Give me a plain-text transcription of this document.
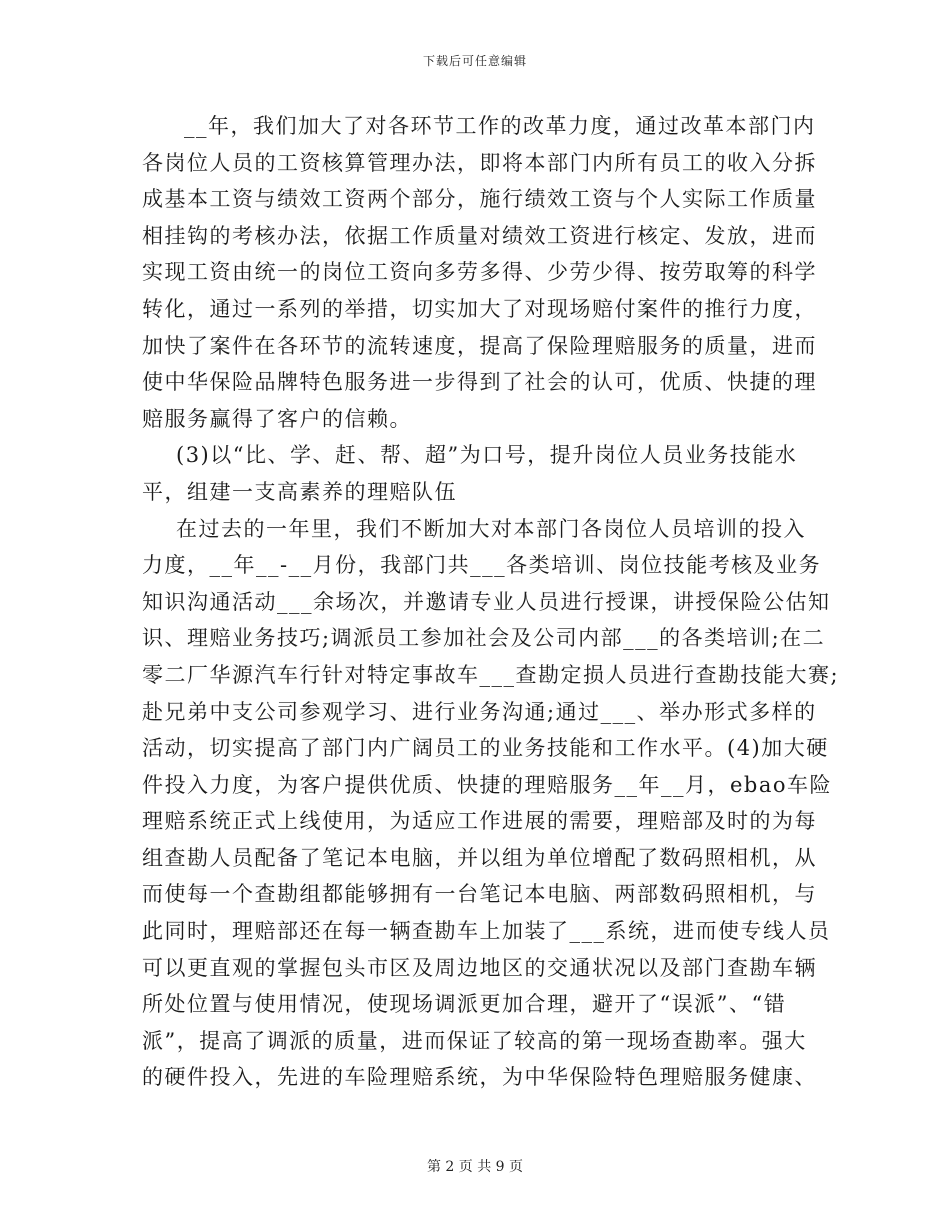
下载后可任意编辑
__年，我们加大了对各环节工作的改革力度，通过改革本部门内
各岗位人员的工资核算管理办法，即将本部门内所有员工的收入分拆
成基本工资与绩效工资两个部分，施行绩效工资与个人实际工作质量
相挂钩的考核办法，依据工作质量对绩效工资进行核定、发放，进而
实现工资由统一的岗位工资向多劳多得、少劳少得、按劳取筹的科学
转化，通过一系列的举措，切实加大了对现场赔付案件的推行力度，
加快了案件在各环节的流转速度，提高了保险理赔服务的质量，进而
使中华保险品牌特色服务进一步得到了社会的认可，优质、快捷的理
赔服务赢得了客户的信赖。
(3)以“比、学、赶、帮、超”为口号，提升岗位人员业务技能水
平，组建一支高素养的理赔队伍
在过去的一年里，我们不断加大对本部门各岗位人员培训的投入
力度，__年__-__月份，我部门共___各类培训、岗位技能考核及业务
知识沟通活动___余场次，并邀请专业人员进行授课，讲授保险公估知
识、理赔业务技巧;调派员工参加社会及公司内部___的各类培训;在二
零二厂华源汽车行针对特定事故车___查勘定损人员进行查勘技能大赛;
赴兄弟中支公司参观学习、进行业务沟通;通过___、举办形式多样的
活动，切实提高了部门内广阔员工的业务技能和工作水平。(4)加大硬
件投入力度，为客户提供优质、快捷的理赔服务__年__月，ebao车险
理赔系统正式上线使用，为适应工作进展的需要，理赔部及时的为每
组查勘人员配备了笔记本电脑，并以组为单位增配了数码照相机，从
而使每一个查勘组都能够拥有一台笔记本电脑、两部数码照相机，与
此同时，理赔部还在每一辆查勘车上加装了___系统，进而使专线人员
可以更直观的掌握包头市区及周边地区的交通状况以及部门查勘车辆
所处位置与使用情况，使现场调派更加合理，避开了“误派”、“错
派”，提高了调派的质量，进而保证了较高的第一现场查勘率。强大
的硬件投入，先进的车险理赔系统，为中华保险特色理赔服务健康、
第 2 页 共 9 页
